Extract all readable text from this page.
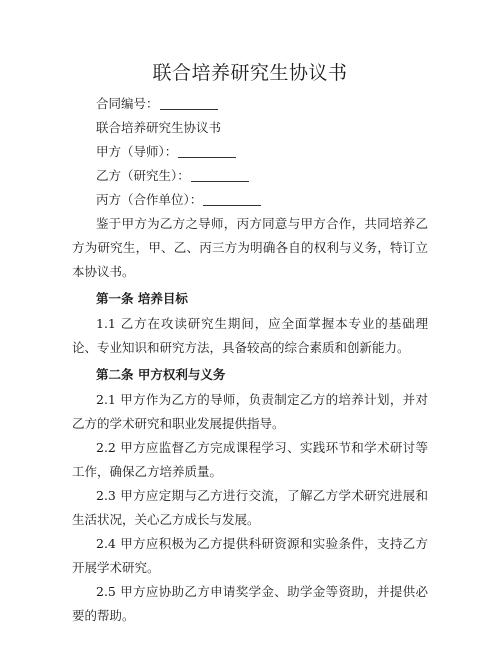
联合培养研究生协议书
合同编号：
联合培养研究生协议书
甲方（导师）：
乙方（研究生）：
丙方（合作单位）：

鉴于甲方为乙方之导师，丙方同意与甲方合作，共同培养乙方为研究生，甲、乙、丙三方为明确各自的权利与义务，特订立本协议书。

第一条 培养目标

1.1 乙方在攻读研究生期间，应全面掌握本专业的基础理论、专业知识和研究方法，具备较高的综合素质和创新能力。

第二条 甲方权利与义务

2.1 甲方作为乙方的导师，负责制定乙方的培养计划，并对乙方的学术研究和职业发展提供指导。

2.2 甲方应监督乙方完成课程学习、实践环节和学术研讨等工作，确保乙方培养质量。

2.3 甲方应定期与乙方进行交流，了解乙方学术研究进展和生活状况，关心乙方成长与发展。

2.4 甲方应积极为乙方提供科研资源和实验条件，支持乙方开展学术研究。

2.5 甲方应协助乙方申请奖学金、助学金等资助，并提供必要的帮助。
